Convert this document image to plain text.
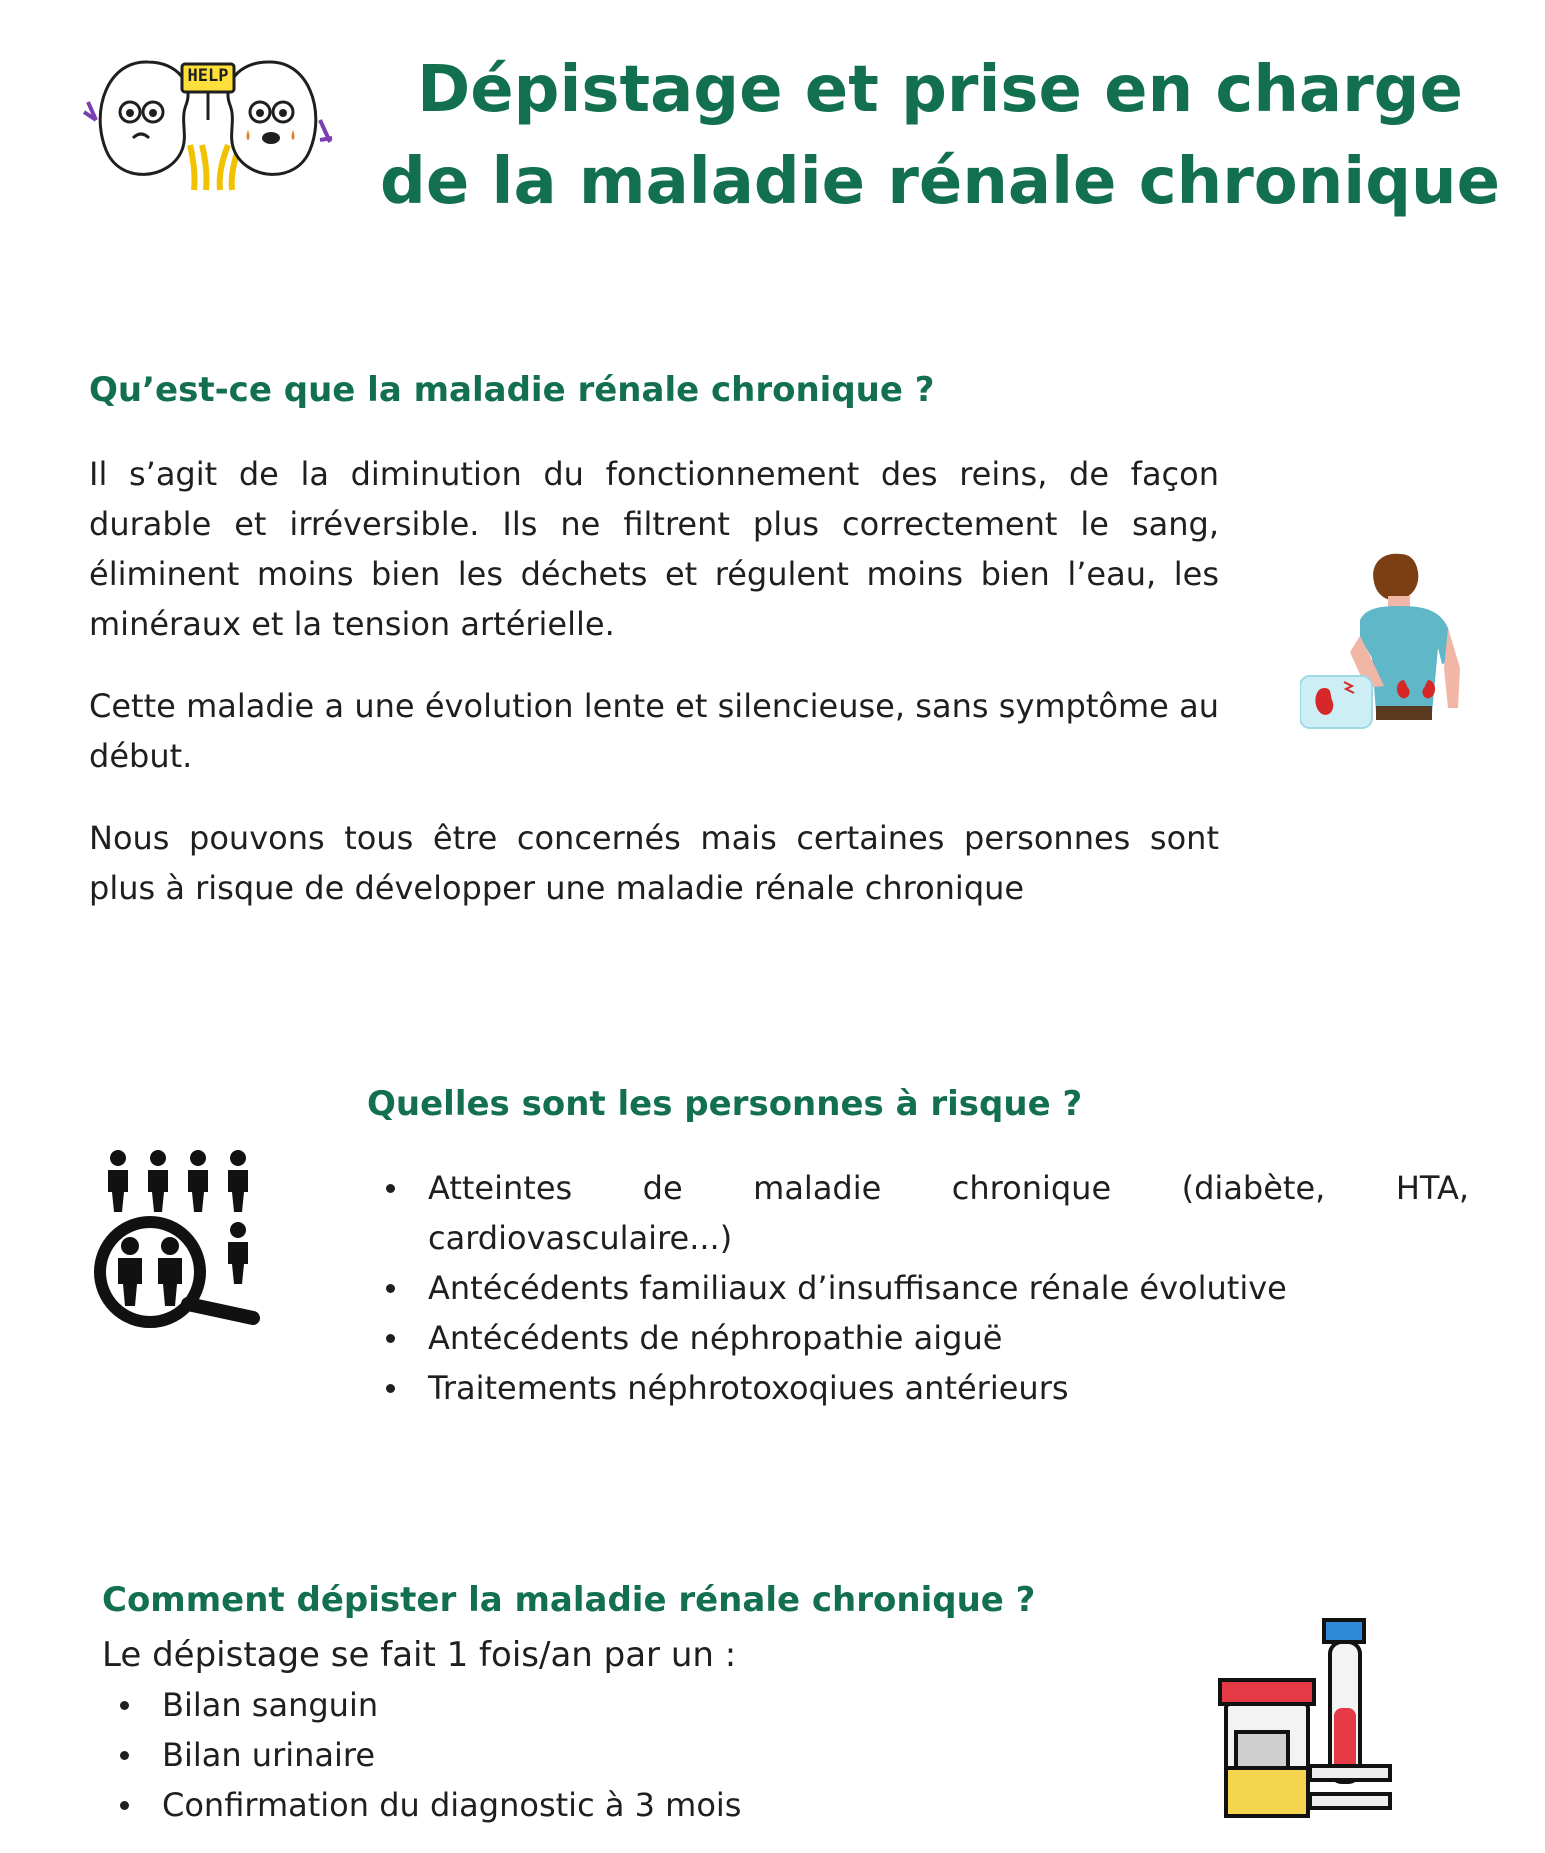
HELP	Dépistage et prise en charge de la maladie rénale chronique
Qu’est-ce que la maladie rénale chronique ?

Il s’agit de la diminution du fonctionnement des reins, de façon durable et irréversible. Ils ne filtrent plus correctement le sang, éliminent moins bien les déchets et régulent moins bien l’eau, les minéraux et la tension artérielle.

Cette maladie a une évolution lente et silencieuse, sans symptôme au début.

Nous pouvons tous être concernés mais certaines personnes sont plus à risque de développer une maladie rénale chronique

Quelles sont les personnes à risque ?
Atteintes de maladie chronique (diabète, HTA, cardiovasculaire...)
Antécédents familiaux d’insuffisance rénale évolutive
Antécédents de néphropathie aiguë
Traitements néphrotoxoqiues antérieurs
Comment dépister la maladie rénale chronique ?

Le dépistage se fait 1 fois/an par un :

Bilan sanguin
Bilan urinaire
Confirmation du diagnostic à 3 mois
